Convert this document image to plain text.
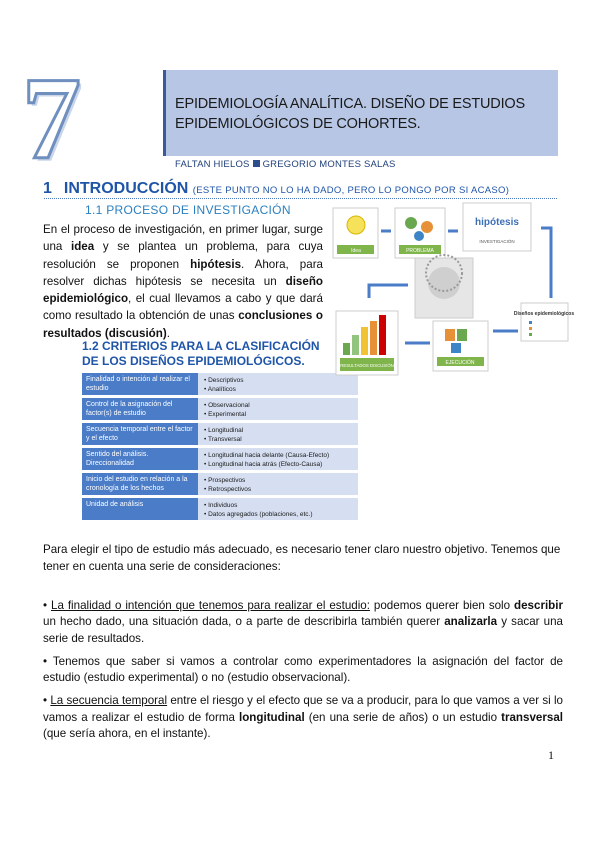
7	EPIDEMIOLOGÍA ANALÍTICA. DISEÑO DE ESTUDIOS EPIDEMIOLÓGICOS DE COHORTES.
FALTAN HIELOS GREGORIO MONTES SALAS
1 INTRODUCCIÓN (ESTE PUNTO NO LO HA DADO, PERO LO PONGO POR SI ACASO)
1.1 PROCESO DE INVESTIGACIÓN
En el proceso de investigación, en primer lugar, surge una idea y se plantea un problema, para cuya resolución se proponen hipótesis. Ahora, para resolver dichas hipótesis se necesita un diseño epidemiológico, el cual llevamos a cabo y que dará como resultado la obtención de unas conclusiones o resultados (discusión).
1.2 CRITERIOS PARA LA CLASIFICACIÓN
DE LOS DISEÑOS EPIDEMIOLÓGICOS.
Finalidad o intención al realizar el estudio
• Descriptivos
• Analíticos
Control de la asignación del factor(s) de estudio
• Observacional
• Experimental
Secuencia temporal entre el factor y el efecto
• Longitudinal
• Transversal
Sentido del análisis. Direccionalidad
• Longitudinal hacia delante (Causa-Efecto)
• Longitudinal hacia atrás (Efecto-Causa)
Inicio del estudio en relación a la cronología de los hechos
• Prospectivos
• Retrospectivos
Unidad de análisis
•	Individuos
• Datos agregados (poblaciones, etc.)
Idea	PROBLEMA
hipótesis
INVESTIGACIÓN
Diseños epidemiológicos
EJECUCIÓN
RESULTADOS DISCUSIÓN
Para elegir el tipo de estudio más adecuado, es necesario tener claro nuestro objetivo. Tenemos que tener en cuenta una serie de consideraciones:

• La finalidad o intención que tenemos para realizar el estudio: podemos querer bien solo describir un hecho dado, una situación dada, o a parte de describirla también querer analizarla y sacar una serie de resultados.

• Tenemos que saber si vamos a controlar como experimentadores la asignación del factor de estudio (estudio experimental) o no (estudio observacional).

• La secuencia temporal entre el riesgo y el efecto que se va a producir, para lo que vamos a ver si lo vamos a realizar el estudio de forma longitudinal (en una serie de años) o un estudio transversal (que sería ahora, en el instante).

1
